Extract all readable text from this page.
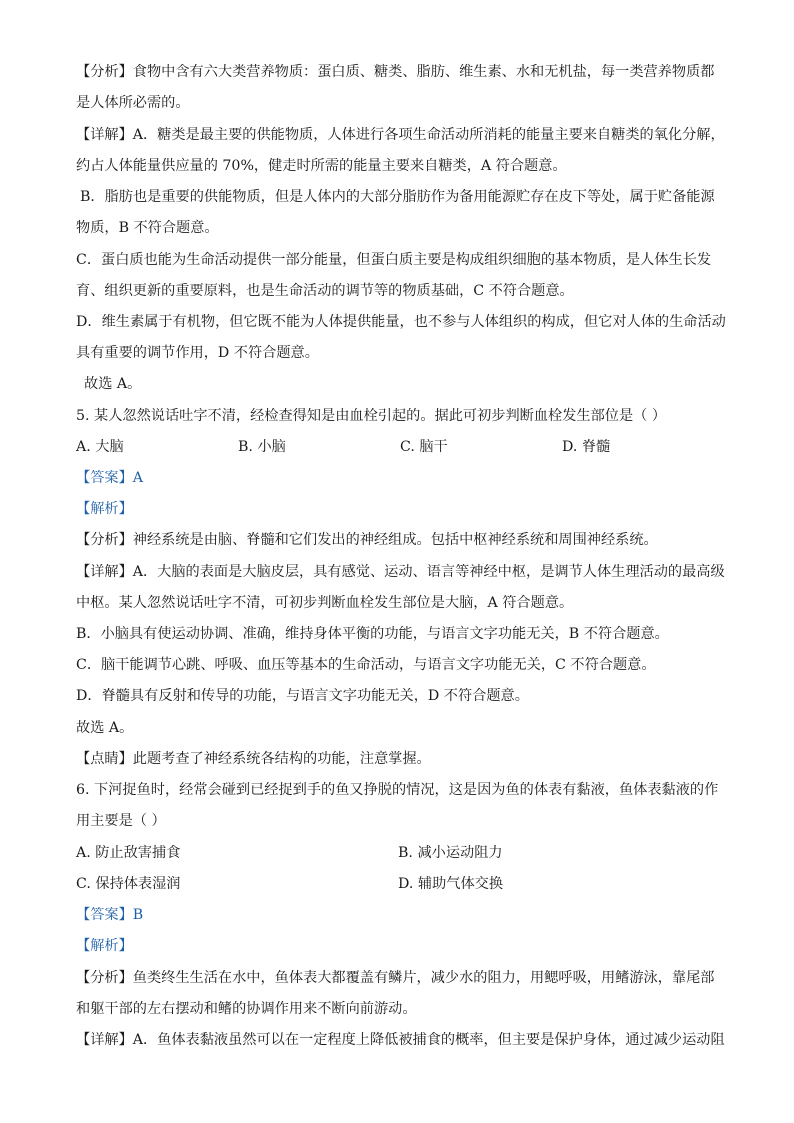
【分析】食物中含有六大类营养物质：蛋白质、糖类、脂肪、维生素、水和无机盐，每一类营养物质都
是人体所必需的。
【详解】A．糖类是最主要的供能物质，人体进行各项生命活动所消耗的能量主要来自糖类的氧化分解，
约占人体能量供应量的 70%，健走时所需的能量主要来自糖类，A 符合题意。
B．脂肪也是重要的供能物质，但是人体内的大部分脂肪作为备用能源贮存在皮下等处，属于贮备能源
物质，B 不符合题意。
C．蛋白质也能为生命活动提供一部分能量，但蛋白质主要是构成组织细胞的基本物质，是人体生长发
育、组织更新的重要原料，也是生命活动的调节等的物质基础，C 不符合题意。
D．维生素属于有机物，但它既不能为人体提供能量，也不参与人体组织的构成，但它对人体的生命活动
具有重要的调节作用，D 不符合题意。
故选 A。
5. 某人忽然说话吐字不清，经检查得知是由血栓引起的。据此可初步判断血栓发生部位是（ ）
A. 大脑	B. 小脑	C. 脑干	D. 脊髓
【答案】A
【解析】
【分析】神经系统是由脑、脊髓和它们发出的神经组成。包括中枢神经系统和周围神经系统。
【详解】A．大脑的表面是大脑皮层，具有感觉、运动、语言等神经中枢，是调节人体生理活动的最高级
中枢。某人忽然说话吐字不清，可初步判断血栓发生部位是大脑，A 符合题意。
B．小脑具有使运动协调、准确，维持身体平衡的功能，与语言文字功能无关，B 不符合题意。
C．脑干能调节心跳、呼吸、血压等基本的生命活动，与语言文字功能无关，C 不符合题意。
D．脊髓具有反射和传导的功能，与语言文字功能无关，D 不符合题意。
故选 A。
【点睛】此题考查了神经系统各结构的功能，注意掌握。
6. 下河捉鱼时，经常会碰到已经捉到手的鱼又挣脱的情况，这是因为鱼的体表有黏液，鱼体表黏液的作
用主要是（ ）
A. 防止敌害捕食	B. 减小运动阻力
C. 保持体表湿润	D. 辅助气体交换
【答案】B
【解析】
【分析】鱼类终生生活在水中，鱼体表大都覆盖有鳞片，减少水的阻力，用鳃呼吸，用鳍游泳，靠尾部
和躯干部的左右摆动和鳍的协调作用来不断向前游动。
【详解】A．鱼体表黏液虽然可以在一定程度上降低被捕食的概率，但主要是保护身体，通过减少运动阻
